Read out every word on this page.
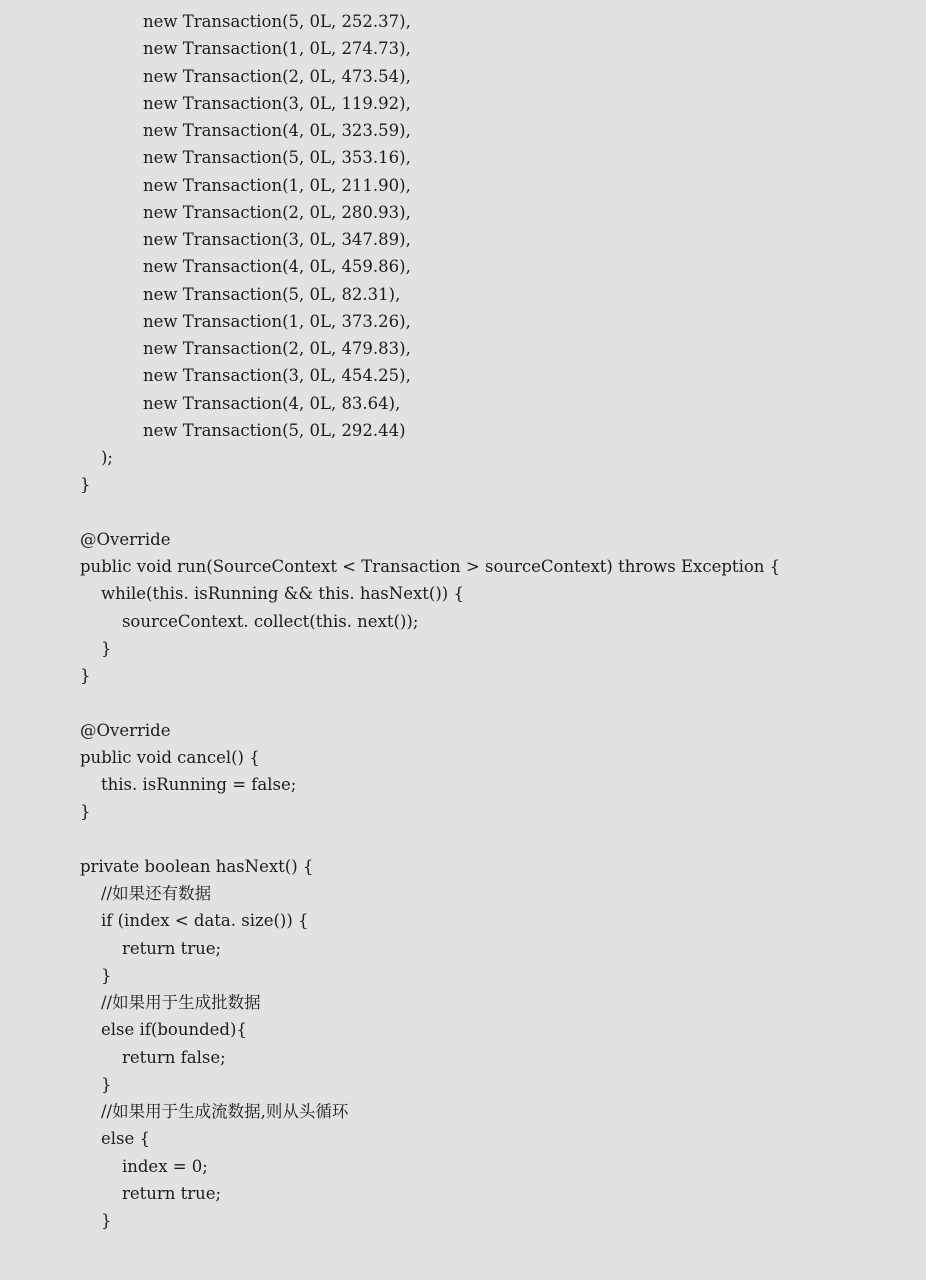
new Transaction(5, 0L, 252.37),
new Transaction(1, 0L, 274.73),
new Transaction(2, 0L, 473.54),
new Transaction(3, 0L, 119.92),
new Transaction(4, 0L, 323.59),
new Transaction(5, 0L, 353.16),
new Transaction(1, 0L, 211.90),
new Transaction(2, 0L, 280.93),
new Transaction(3, 0L, 347.89),
new Transaction(4, 0L, 459.86),
new Transaction(5, 0L, 82.31),
new Transaction(1, 0L, 373.26),
new Transaction(2, 0L, 479.83),
new Transaction(3, 0L, 454.25),
new Transaction(4, 0L, 83.64),
new Transaction(5, 0L, 292.44)
);
}
@Override
public void run(SourceContext < Transaction > sourceContext) throws Exception {
while(this. isRunning && this. hasNext()) {
sourceContext. collect(this. next());
}
}
@Override
public void cancel() {
this. isRunning = false;
}
private boolean hasNext() {
//如果还有数据
if (index < data. size()) {
return true;
}
//如果用于生成批数据
else if(bounded){
return false;
}
//如果用于生成流数据,则从头循环
else {
index = 0;
return true;
}
